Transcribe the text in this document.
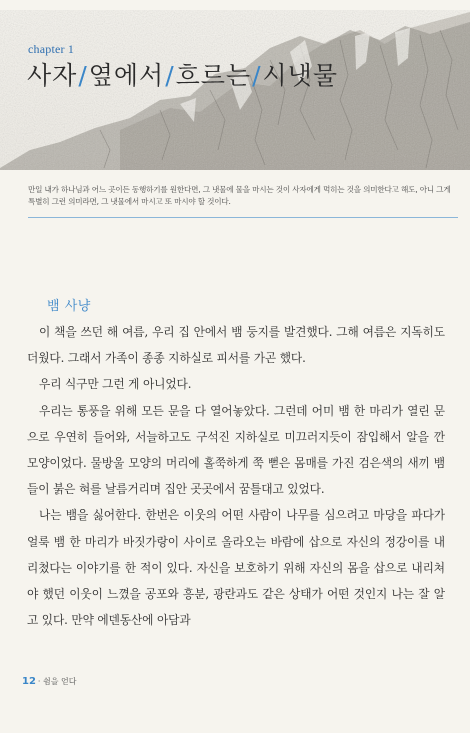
chapter 1
사자/옆에서/흐르는/시냇물
만일 내가 하나님과 어느 곳이든 동행하기를 원한다면, 그 냇물에 물을 마시는 것이 사자에게 먹히는 것을 의미한다고 해도, 아니 그게 특별히 그런 의미라면, 그 냇물에서 마시고 또 마시야 할 것이다.
뱀 사냥

이 책을 쓰던 해 여름, 우리 집 안에서 뱀 둥지를 발견했다. 그해 여름은 지독히도 더웠다. 그래서 가족이 종종 지하실로 피서를 가곤 했다.

우리 식구만 그런 게 아니었다.

우리는 통풍을 위해 모든 문을 다 열어놓았다. 그런데 어미 뱀 한 마리가 열린 문으로 우연히 들어와, 서늘하고도 구석진 지하실로 미끄러지듯이 잠입해서 알을 깐 모양이었다. 물방울 모양의 머리에 홀쭉하게 쭉 뻗은 몸매를 가진 검은색의 새끼 뱀들이 붉은 혀를 날름거리며 집안 곳곳에서 꿈틀대고 있었다.

나는 뱀을 싫어한다. 한번은 이웃의 어떤 사람이 나무를 심으려고 마당을 파다가 얼룩 뱀 한 마리가 바짓가랑이 사이로 올라오는 바람에 삽으로 자신의 정강이를 내리쳤다는 이야기를 한 적이 있다. 자신을 보호하기 위해 자신의 몸을 삽으로 내리쳐야 했던 이웃이 느꼈을 공포와 흥분, 광란과도 같은 상태가 어떤 것인지 나는 잘 알고 있다. 만약 에덴동산에 아담과

12 · 쉼을 얻다
